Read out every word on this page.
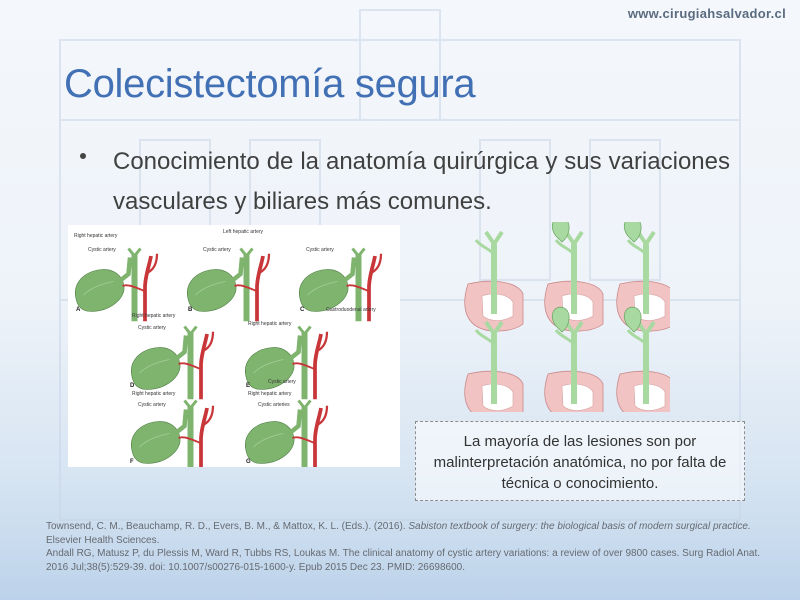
www.cirugiahsalvador.cl
Colecistectomía segura

Conocimiento de la anatomía quirúrgica y sus variaciones vasculares y biliares más comunes.

Right hepatic artery
Cystic artery
A
Left hepatic artery
Cystic artery
B
Cystic artery
Gastroduodenal artery
C
Right hepatic artery
Cystic artery
D
Right hepatic artery
Cystic artery
E
Right hepatic artery
Cystic artery
F
Right hepatic artery
Cystic arteries
G
La mayoría de las lesiones son por malinterpretación anatómica, no por falta de técnica o conocimiento.

Townsend, C. M., Beauchamp, R. D., Evers, B. M., & Mattox, K. L. (Eds.). (2016). Sabiston textbook of surgery: the biological basis of modern surgical practice. Elsevier Health Sciences.

Andall RG, Matusz P, du Plessis M, Ward R, Tubbs RS, Loukas M. The clinical anatomy of cystic artery variations: a review of over 9800 cases. Surg Radiol Anat. 2016 Jul;38(5):529-39. doi: 10.1007/s00276-015-1600-y. Epub 2015 Dec 23. PMID: 26698600.
